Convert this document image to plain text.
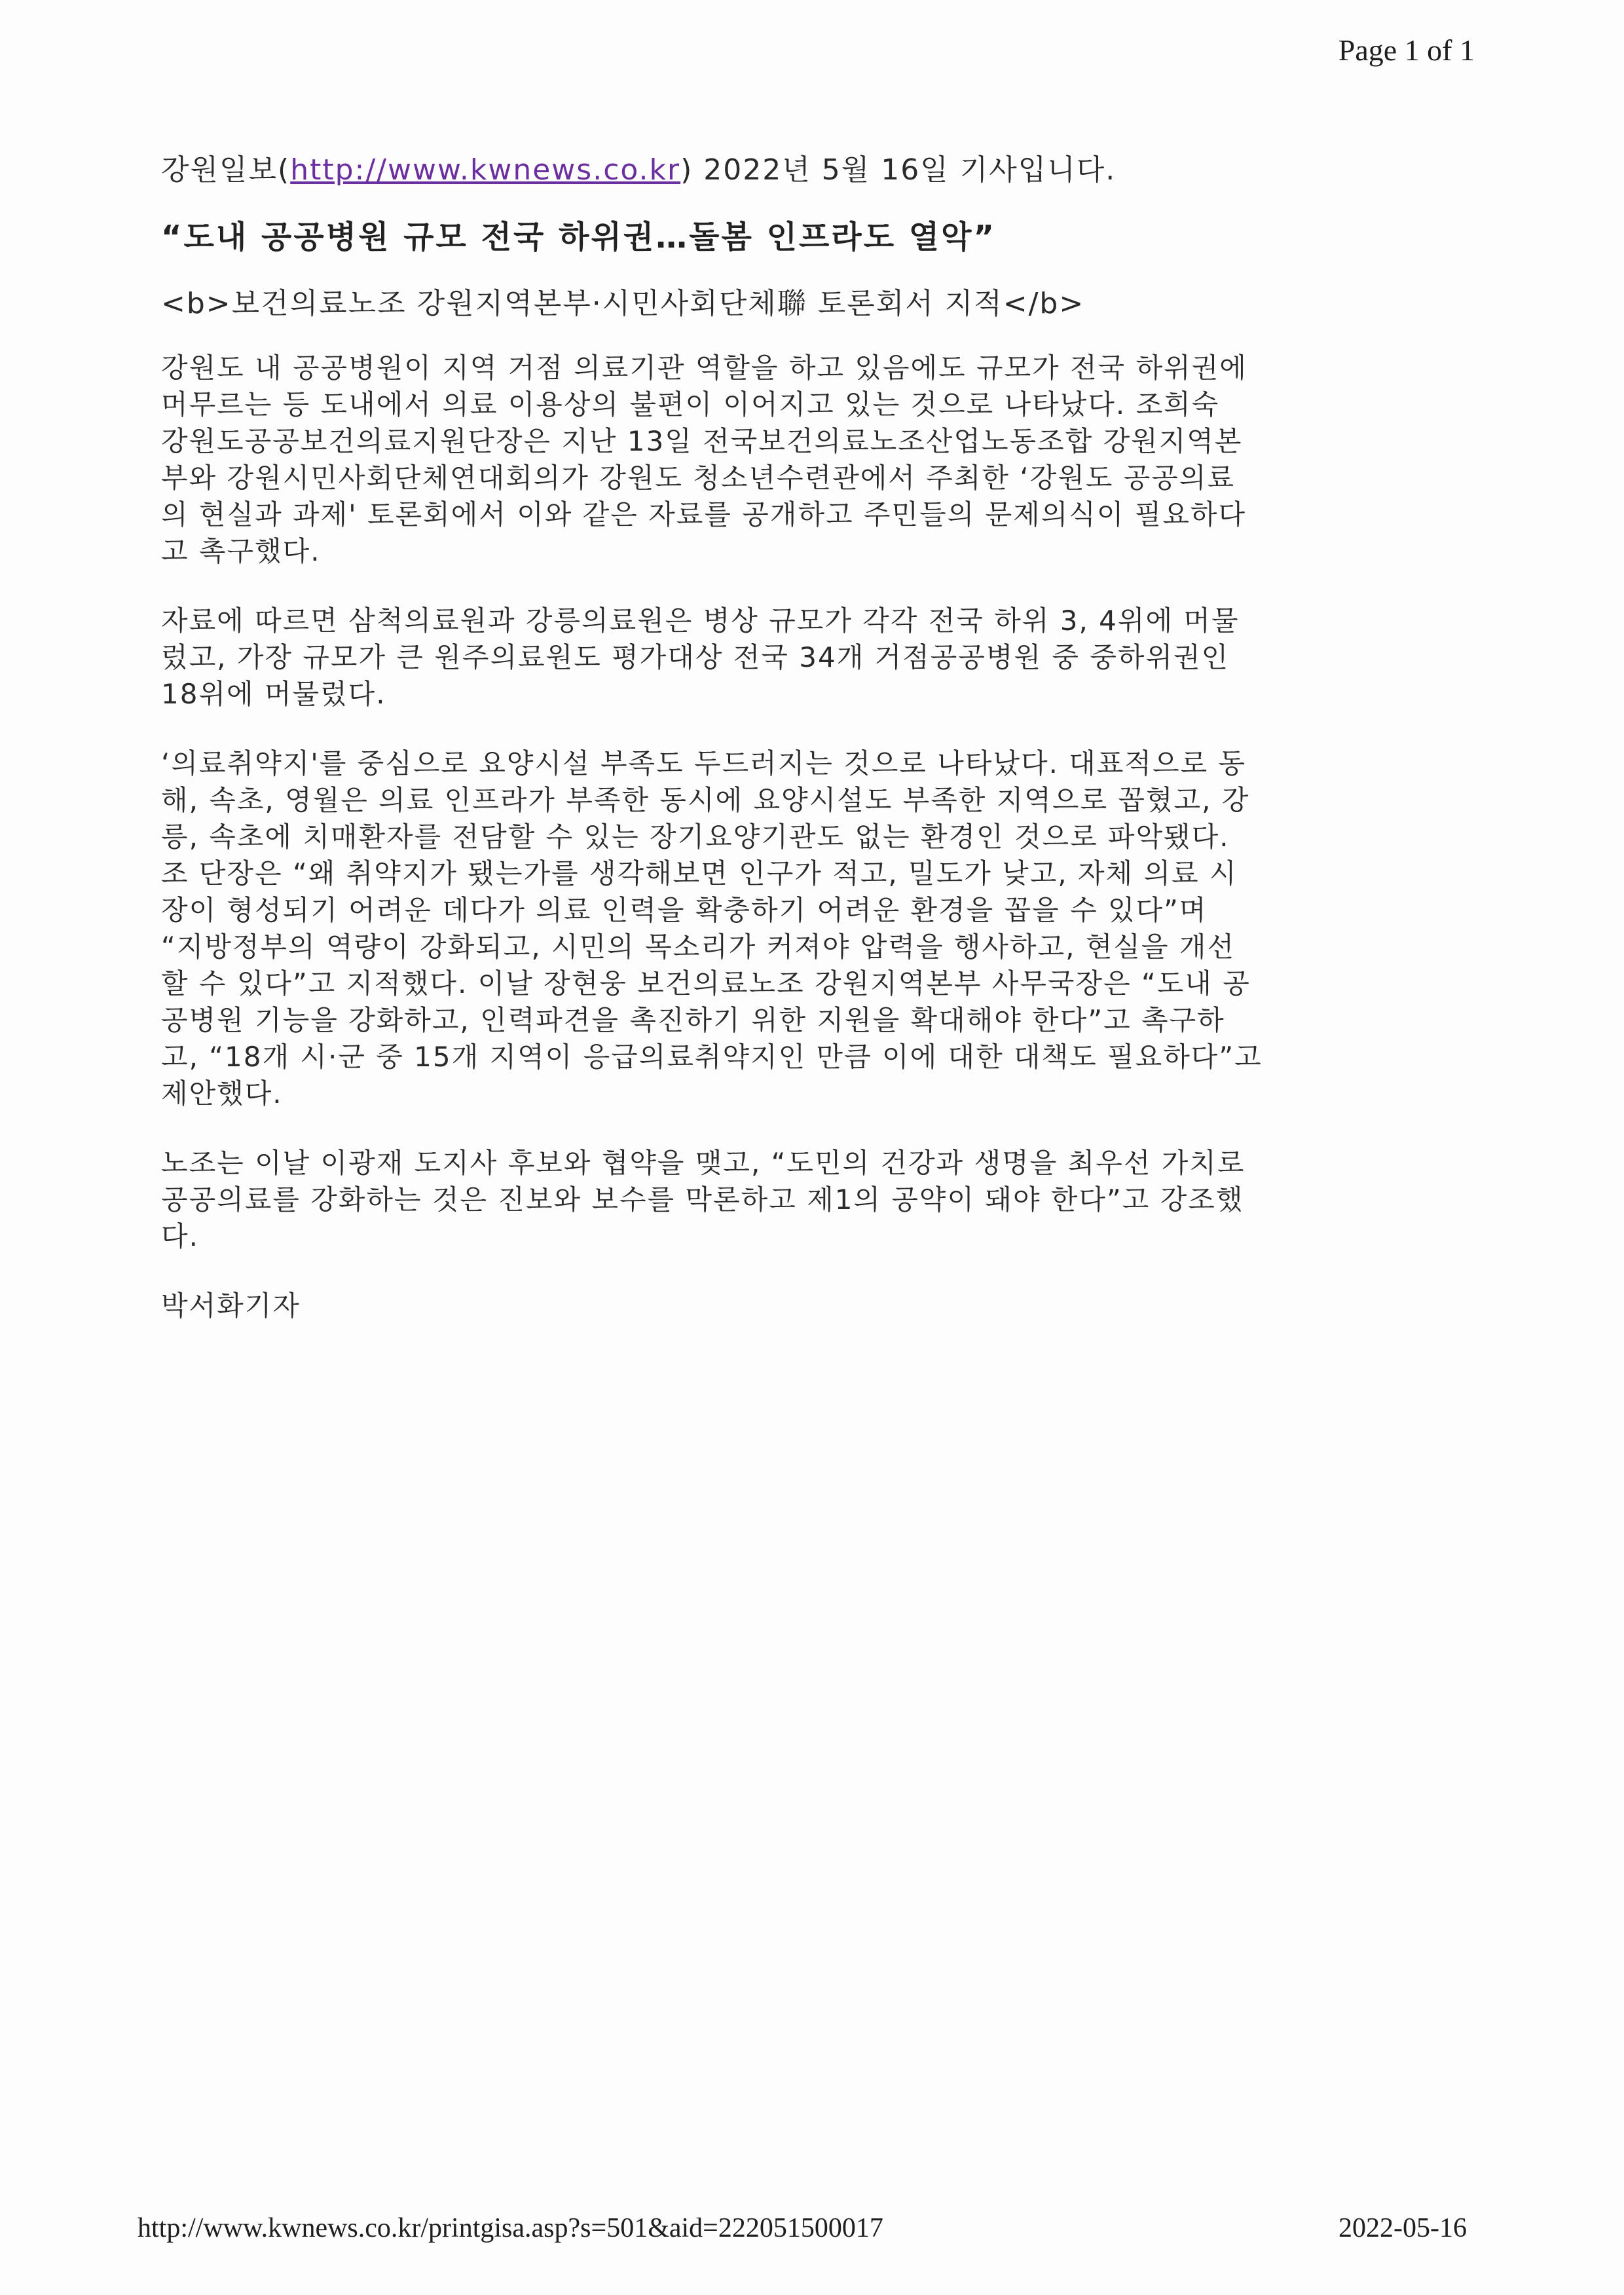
Page 1 of 1

강원일보(http://www.kwnews.co.kr) 2022년 5월 16일 기사입니다.

“도내 공공병원 규모 전국 하위권…돌봄 인프라도 열악”

<b>보건의료노조 강원지역본부·시민사회단체聯 토론회서 지적</b>

강원도 내 공공병원이 지역 거점 의료기관 역할을 하고 있음에도 규모가 전국 하위권에
머무르는 등 도내에서 의료 이용상의 불편이 이어지고 있는 것으로 나타났다. 조희숙
강원도공공보건의료지원단장은 지난 13일 전국보건의료노조산업노동조합 강원지역본
부와 강원시민사회단체연대회의가 강원도 청소년수련관에서 주최한 ‘강원도 공공의료
의 현실과 과제' 토론회에서 이와 같은 자료를 공개하고 주민들의 문제의식이 필요하다
고 촉구했다.

자료에 따르면 삼척의료원과 강릉의료원은 병상 규모가 각각 전국 하위 3, 4위에 머물
렀고, 가장 규모가 큰 원주의료원도 평가대상 전국 34개 거점공공병원 중 중하위권인
18위에 머물렀다.

‘의료취약지'를 중심으로 요양시설 부족도 두드러지는 것으로 나타났다. 대표적으로 동
해, 속초, 영월은 의료 인프라가 부족한 동시에 요양시설도 부족한 지역으로 꼽혔고, 강
릉, 속초에 치매환자를 전담할 수 있는 장기요양기관도 없는 환경인 것으로 파악됐다.
조 단장은 “왜 취약지가 됐는가를 생각해보면 인구가 적고, 밀도가 낮고, 자체 의료 시
장이 형성되기 어려운 데다가 의료 인력을 확충하기 어려운 환경을 꼽을 수 있다”며
“지방정부의 역량이 강화되고, 시민의 목소리가 커져야 압력을 행사하고, 현실을 개선
할 수 있다”고 지적했다. 이날 장현웅 보건의료노조 강원지역본부 사무국장은 “도내 공
공병원 기능을 강화하고, 인력파견을 촉진하기 위한 지원을 확대해야 한다”고 촉구하
고, “18개 시·군 중 15개 지역이 응급의료취약지인 만큼 이에 대한 대책도 필요하다”고
제안했다.

노조는 이날 이광재 도지사 후보와 협약을 맺고, “도민의 건강과 생명을 최우선 가치로
공공의료를 강화하는 것은 진보와 보수를 막론하고 제1의 공약이 돼야 한다”고 강조했
다.

박서화기자

http://www.kwnews.co.kr/printgisa.asp?s=501&aid=222051500017	2022-05-16
